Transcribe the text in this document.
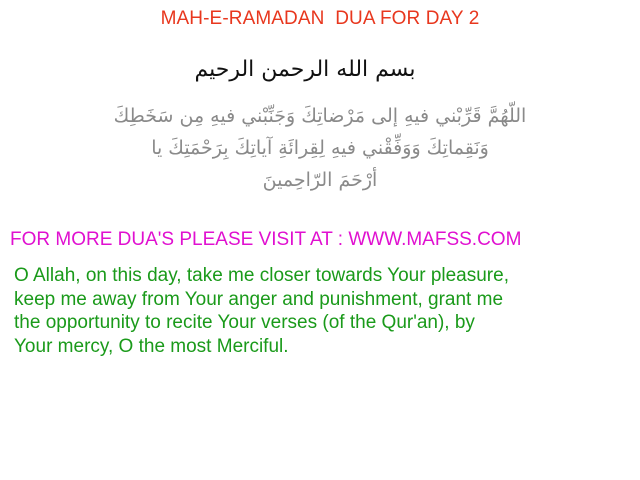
MAH-E-RAMADAN  DUA FOR DAY 2
بسم الله الرحمن الرحيم
اللّهُمَّ قَرِّبْني فيهِ إلى مَرْضاتِكَ وَجَنِّبْني فيهِ مِن سَخَطِكَ
وَنَقِماتِكَ وَوَفِّقْني فيهِ لِقِرائَةِ آياتِكَ بِرَحْمَتِكَ يا
أرْحَمَ الرّاحِمينَ
FOR MORE DUA'S PLEASE VISIT AT : WWW.MAFSS.COM
O Allah, on this day, take me closer towards Your pleasure,
keep me away from Your anger and punishment, grant me
the opportunity to recite Your verses (of the Qur'an), by
Your mercy, O the most Merciful.
